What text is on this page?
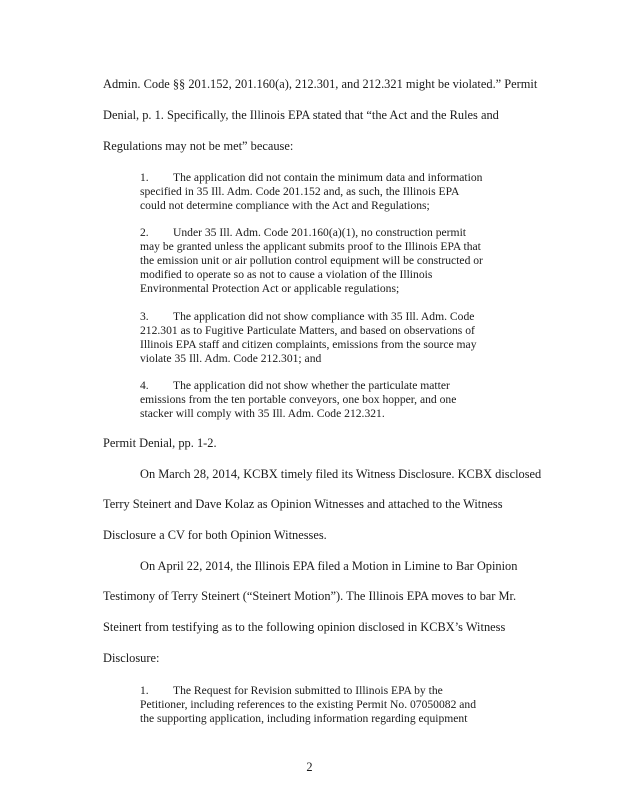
Admin. Code §§ 201.152, 201.160(a), 212.301, and 212.321 might be violated.” Permit
Denial, p. 1. Specifically, the Illinois EPA stated that “the Act and the Rules and
Regulations may not be met” because:
1. The application did not contain the minimum data and information
specified in 35 Ill. Adm. Code 201.152 and, as such, the Illinois EPA
could not determine compliance with the Act and Regulations;
2. Under 35 Ill. Adm. Code 201.160(a)(1), no construction permit
may be granted unless the applicant submits proof to the Illinois EPA that
the emission unit or air pollution control equipment will be constructed or
modified to operate so as not to cause a violation of the Illinois
Environmental Protection Act or applicable regulations;
3. The application did not show compliance with 35 Ill. Adm. Code
212.301 as to Fugitive Particulate Matters, and based on observations of
Illinois EPA staff and citizen complaints, emissions from the source may
violate 35 Ill. Adm. Code 212.301; and
4. The application did not show whether the particulate matter
emissions from the ten portable conveyors, one box hopper, and one
stacker will comply with 35 Ill. Adm. Code 212.321.
Permit Denial, pp. 1-2.
On March 28, 2014, KCBX timely filed its Witness Disclosure. KCBX disclosed
Terry Steinert and Dave Kolaz as Opinion Witnesses and attached to the Witness
Disclosure a CV for both Opinion Witnesses.
On April 22, 2014, the Illinois EPA filed a Motion in Limine to Bar Opinion
Testimony of Terry Steinert (“Steinert Motion”). The Illinois EPA moves to bar Mr.
Steinert from testifying as to the following opinion disclosed in KCBX’s Witness
Disclosure:
1. The Request for Revision submitted to Illinois EPA by the
Petitioner, including references to the existing Permit No. 07050082 and
the supporting application, including information regarding equipment
2
